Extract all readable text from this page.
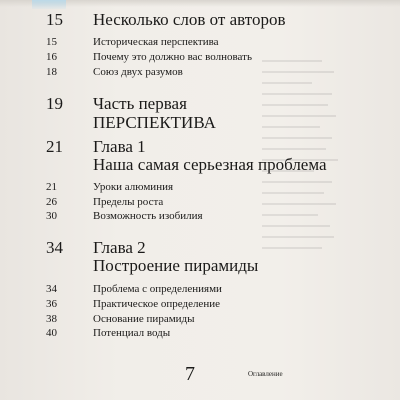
15 Несколько слов от авторов
15	Историческая перспектива
16	Почему это должно вас волновать
18	Союз двух разумов
19 Часть первая
ПЕРСПЕКТИВА
21 Глава 1
Наша самая серьезная проблема
21	Уроки алюминия
26	Пределы роста
30	Возможность изобилия
34 Глава 2
Построение пирамиды
34	Проблема с определениями
36	Практическое определение
38	Основание пирамиды
40	Потенциал воды
7	Оглавление
